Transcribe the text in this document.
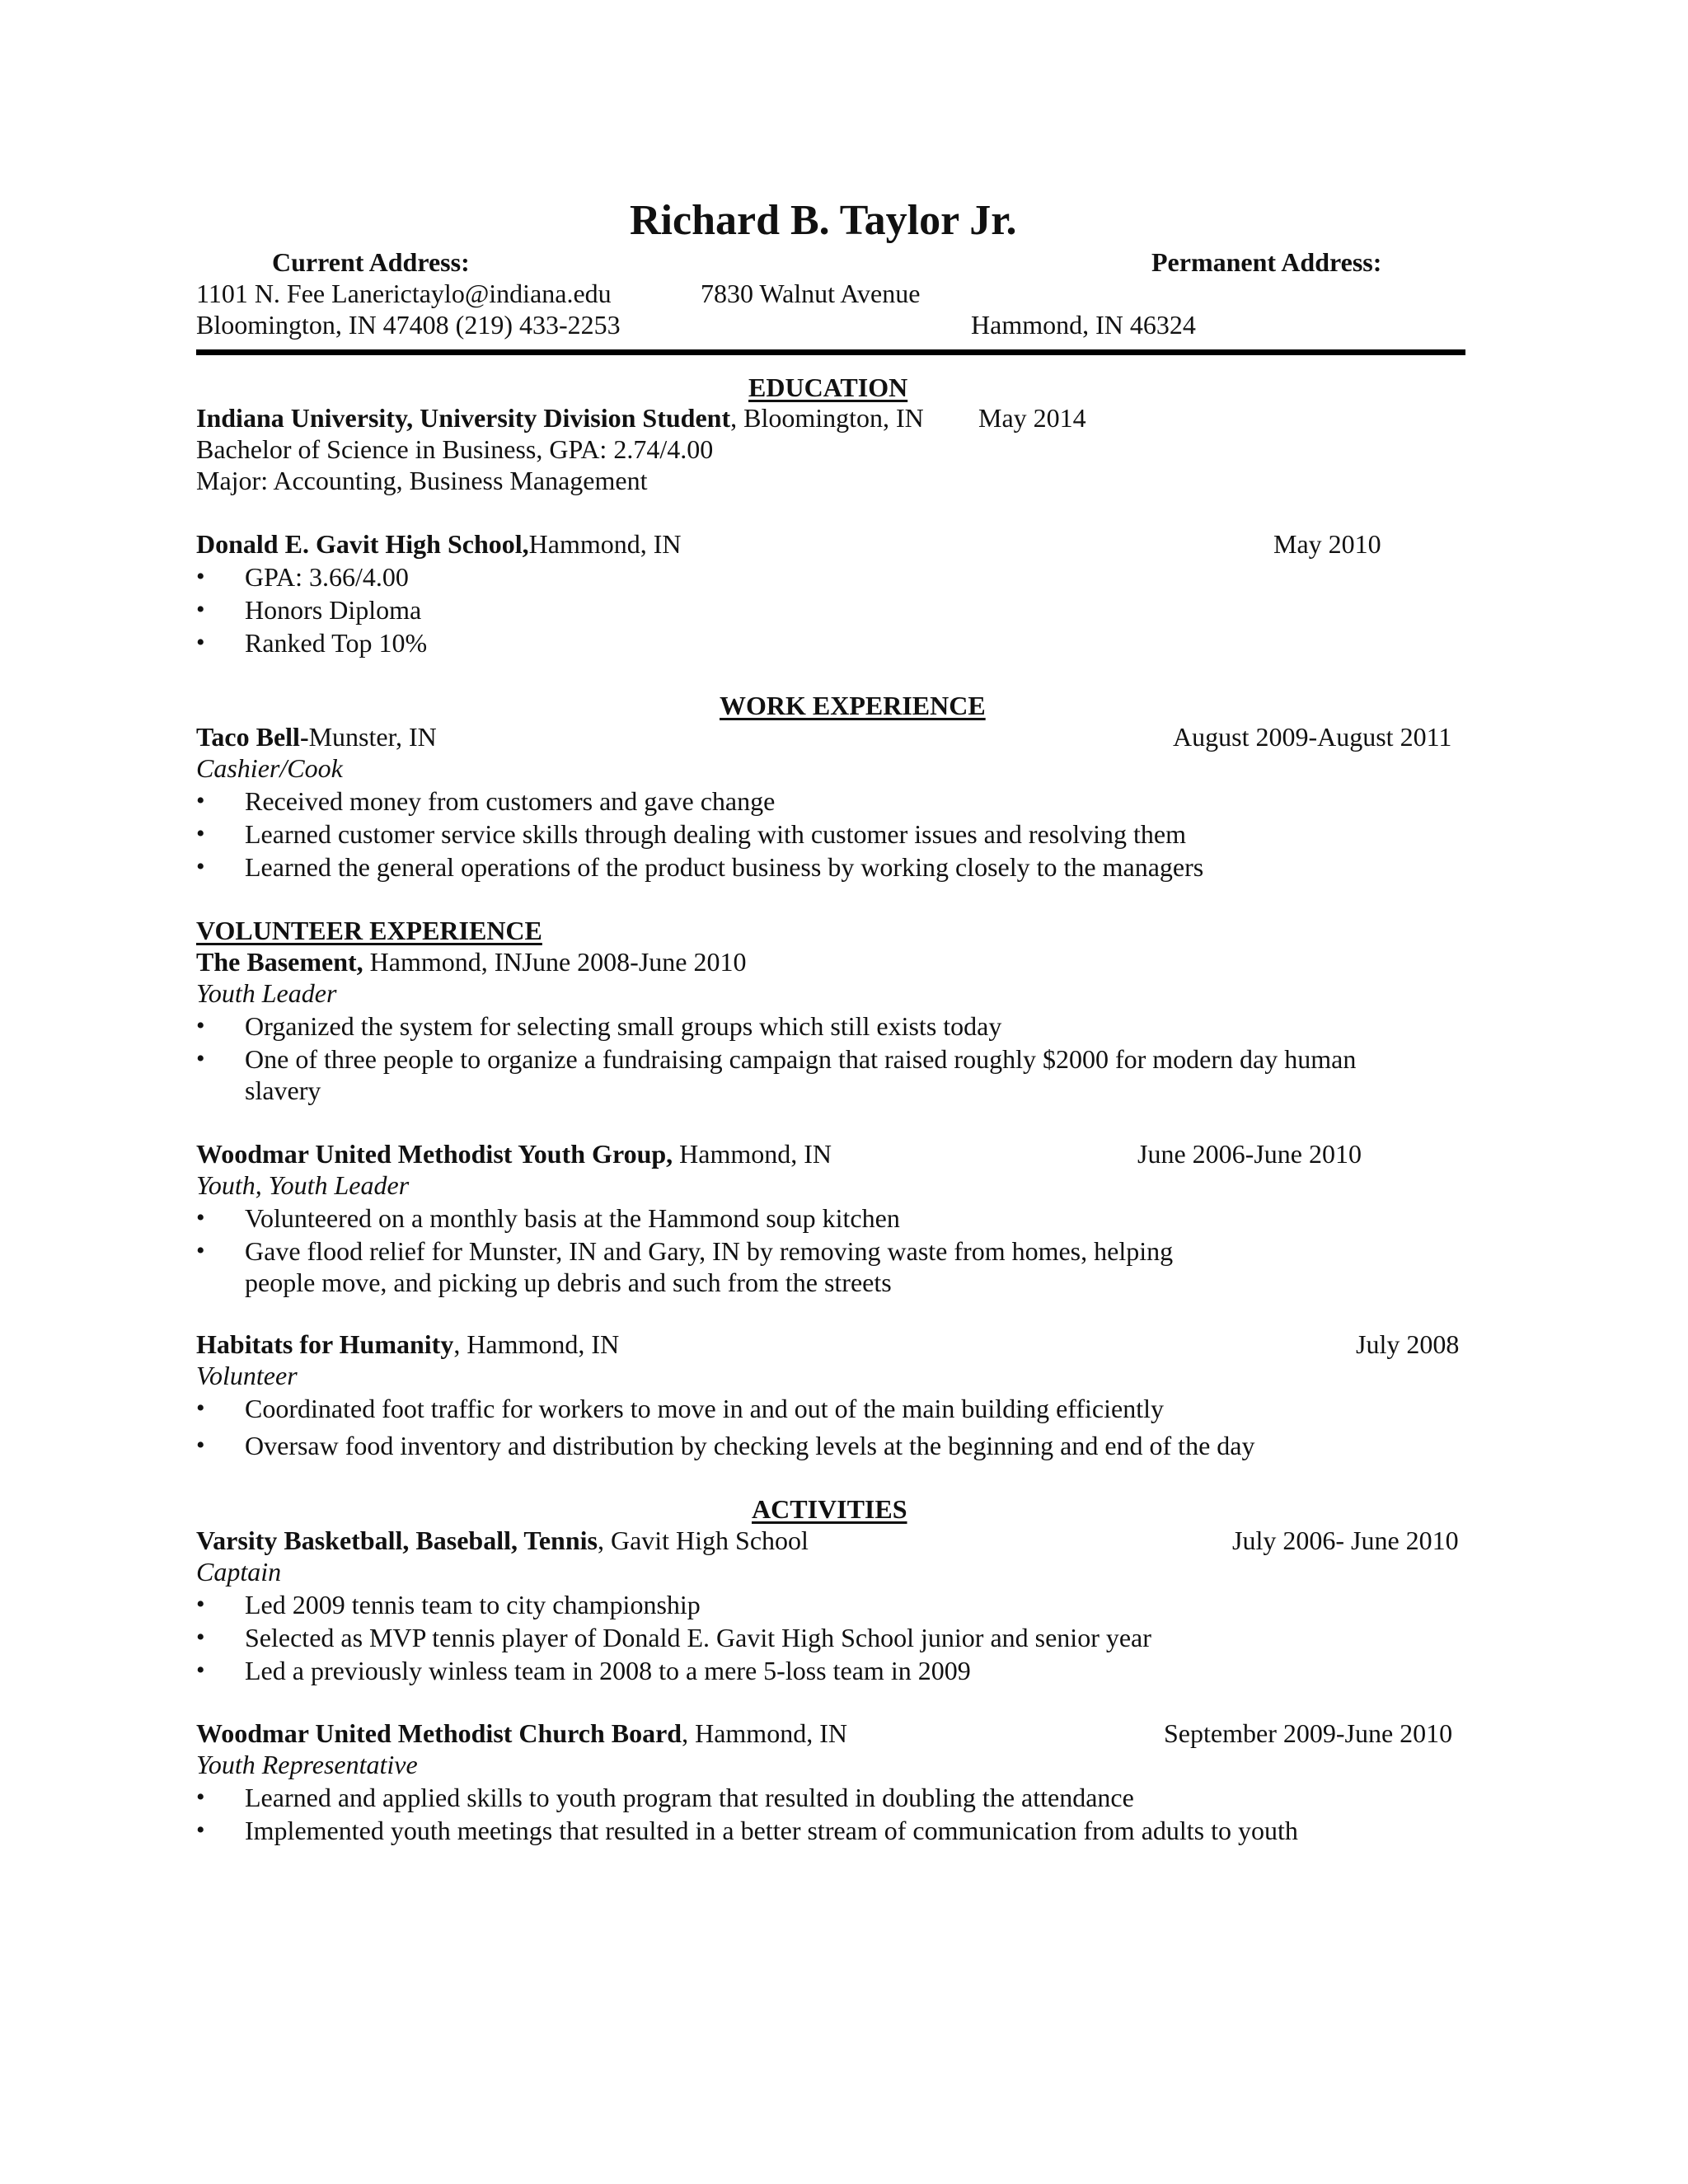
Richard B. Taylor Jr.
Current Address:	Permanent Address:
1101 N. Fee Lanerictaylo@indiana.edu	7830 Walnut Avenue
Bloomington, IN 47408 (219) 433-2253	Hammond, IN 46324
EDUCATION
Indiana University, University Division Student, Bloomington, IN May 2014
Bachelor of Science in Business, GPA: 2.74/4.00
Major: Accounting, Business Management
Donald E. Gavit High School,Hammond, IN	May 2010
• GPA: 3.66/4.00
• Honors Diploma
• Ranked Top 10%
WORK EXPERIENCE
Taco Bell-Munster, IN	August 2009-August 2011
Cashier/Cook
• Received money from customers and gave change
• Learned customer service skills through dealing with customer issues and resolving them
• Learned the general operations of the product business by working closely to the managers
VOLUNTEER EXPERIENCE
The Basement, Hammond, INJune 2008-June 2010
Youth Leader
• Organized the system for selecting small groups which still exists today
• One of three people to organize a fundraising campaign that raised roughly $2000 for modern day human
slavery
Woodmar United Methodist Youth Group, Hammond, IN	June 2006-June 2010
Youth, Youth Leader
• Volunteered on a monthly basis at the Hammond soup kitchen
• Gave flood relief for Munster, IN and Gary, IN by removing waste from homes, helping
people move, and picking up debris and such from the streets
Habitats for Humanity, Hammond, IN	July 2008
Volunteer
• Coordinated foot traffic for workers to move in and out of the main building efficiently
• Oversaw food inventory and distribution by checking levels at the beginning and end of the day
ACTIVITIES
Varsity Basketball, Baseball, Tennis, Gavit High School	July 2006- June 2010
Captain
• Led 2009 tennis team to city championship
• Selected as MVP tennis player of Donald E. Gavit High School junior and senior year
• Led a previously winless team in 2008 to a mere 5-loss team in 2009
Woodmar United Methodist Church Board, Hammond, IN	September 2009-June 2010
Youth Representative
• Learned and applied skills to youth program that resulted in doubling the attendance
• Implemented youth meetings that resulted in a better stream of communication from adults to youth
